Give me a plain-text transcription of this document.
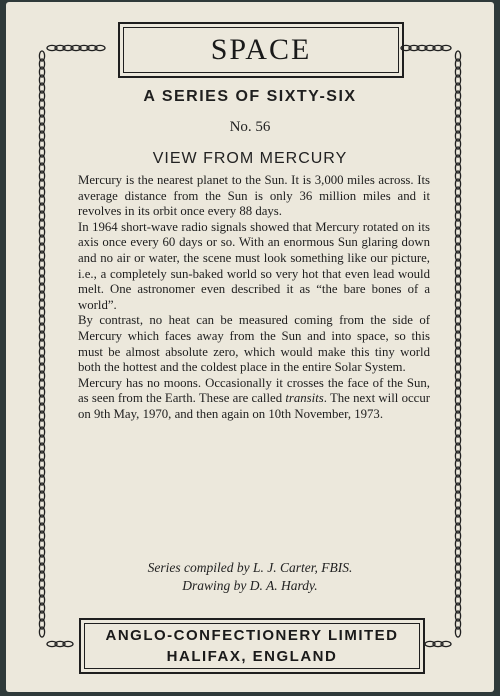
SPACE
A SERIES OF SIXTY-SIX
No. 56
VIEW FROM MERCURY

Mercury is the nearest planet to the Sun. It is 3,000 miles across. Its average distance from the Sun is only 36 million miles and it revolves in its orbit once every 88 days.

In 1964 short-wave radio signals showed that Mercury rotated on its axis once every 60 days or so. With an enormous Sun glaring down and no air or water, the scene must look something like our picture, i.e., a completely sun-baked world so very hot that even lead would melt. One astronomer even described it as “the bare bones of a world”.

By contrast, no heat can be measured coming from the side of Mercury which faces away from the Sun and into space, so this must be almost absolute zero, which would make this tiny world both the hottest and the coldest place in the entire Solar System.

Mercury has no moons. Occasionally it crosses the face of the Sun, as seen from the Earth. These are called transits. The next will occur on 9th May, 1970, and then again on 10th November, 1973.

Series compiled by L. J. Carter, FBIS.
Drawing by D. A. Hardy.
ANGLO-CONFECTIONERY LIMITED
HALIFAX, ENGLAND
